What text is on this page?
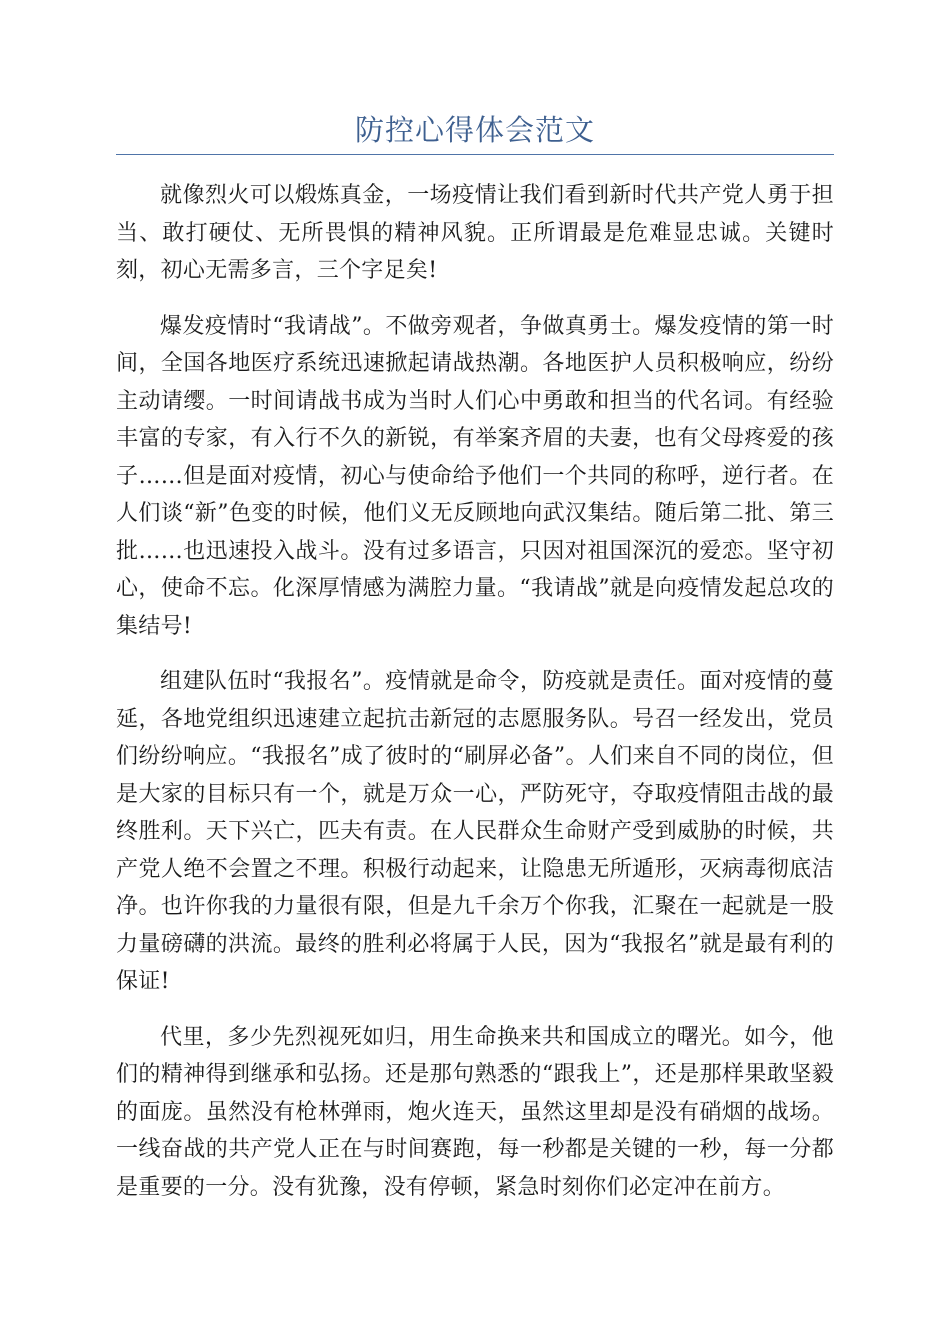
防控心得体会范文

就像烈火可以煅炼真金，一场疫情让我们看到新时代共产党人勇于担当、敢打硬仗、无所畏惧的精神风貌。正所谓最是危难显忠诚。关键时刻，初心无需多言，三个字足矣!

爆发疫情时“我请战”。不做旁观者，争做真勇士。爆发疫情的第一时间，全国各地医疗系统迅速掀起请战热潮。各地医护人员积极响应，纷纷主动请缨。一时间请战书成为当时人们心中勇敢和担当的代名词。有经验丰富的专家，有入行不久的新锐，有举案齐眉的夫妻，也有父母疼爱的孩子……但是面对疫情，初心与使命给予他们一个共同的称呼，逆行者。在人们谈“新”色变的时候，他们义无反顾地向武汉集结。随后第二批、第三批……也迅速投入战斗。没有过多语言，只因对祖国深沉的爱恋。坚守初心，使命不忘。化深厚情感为满腔力量。“我请战”就是向疫情发起总攻的集结号!

组建队伍时“我报名”。疫情就是命令，防疫就是责任。面对疫情的蔓延，各地党组织迅速建立起抗击新冠的志愿服务队。号召一经发出，党员们纷纷响应。“我报名”成了彼时的“刷屏必备”。人们来自不同的岗位，但是大家的目标只有一个，就是万众一心，严防死守，夺取疫情阻击战的最终胜利。天下兴亡，匹夫有责。在人民群众生命财产受到威胁的时候，共产党人绝不会置之不理。积极行动起来，让隐患无所遁形，灭病毒彻底洁净。也许你我的力量很有限，但是九千余万个你我，汇聚在一起就是一股力量磅礴的洪流。最终的胜利必将属于人民，因为“我报名”就是最有利的保证!

代里，多少先烈视死如归，用生命换来共和国成立的曙光。如今，他们的精神得到继承和弘扬。还是那句熟悉的“跟我上”，还是那样果敢坚毅的面庞。虽然没有枪林弹雨，炮火连天，虽然这里却是没有硝烟的战场。一线奋战的共产党人正在与时间赛跑，每一秒都是关键的一秒，每一分都是重要的一分。没有犹豫，没有停顿，紧急时刻你们必定冲在前方。
